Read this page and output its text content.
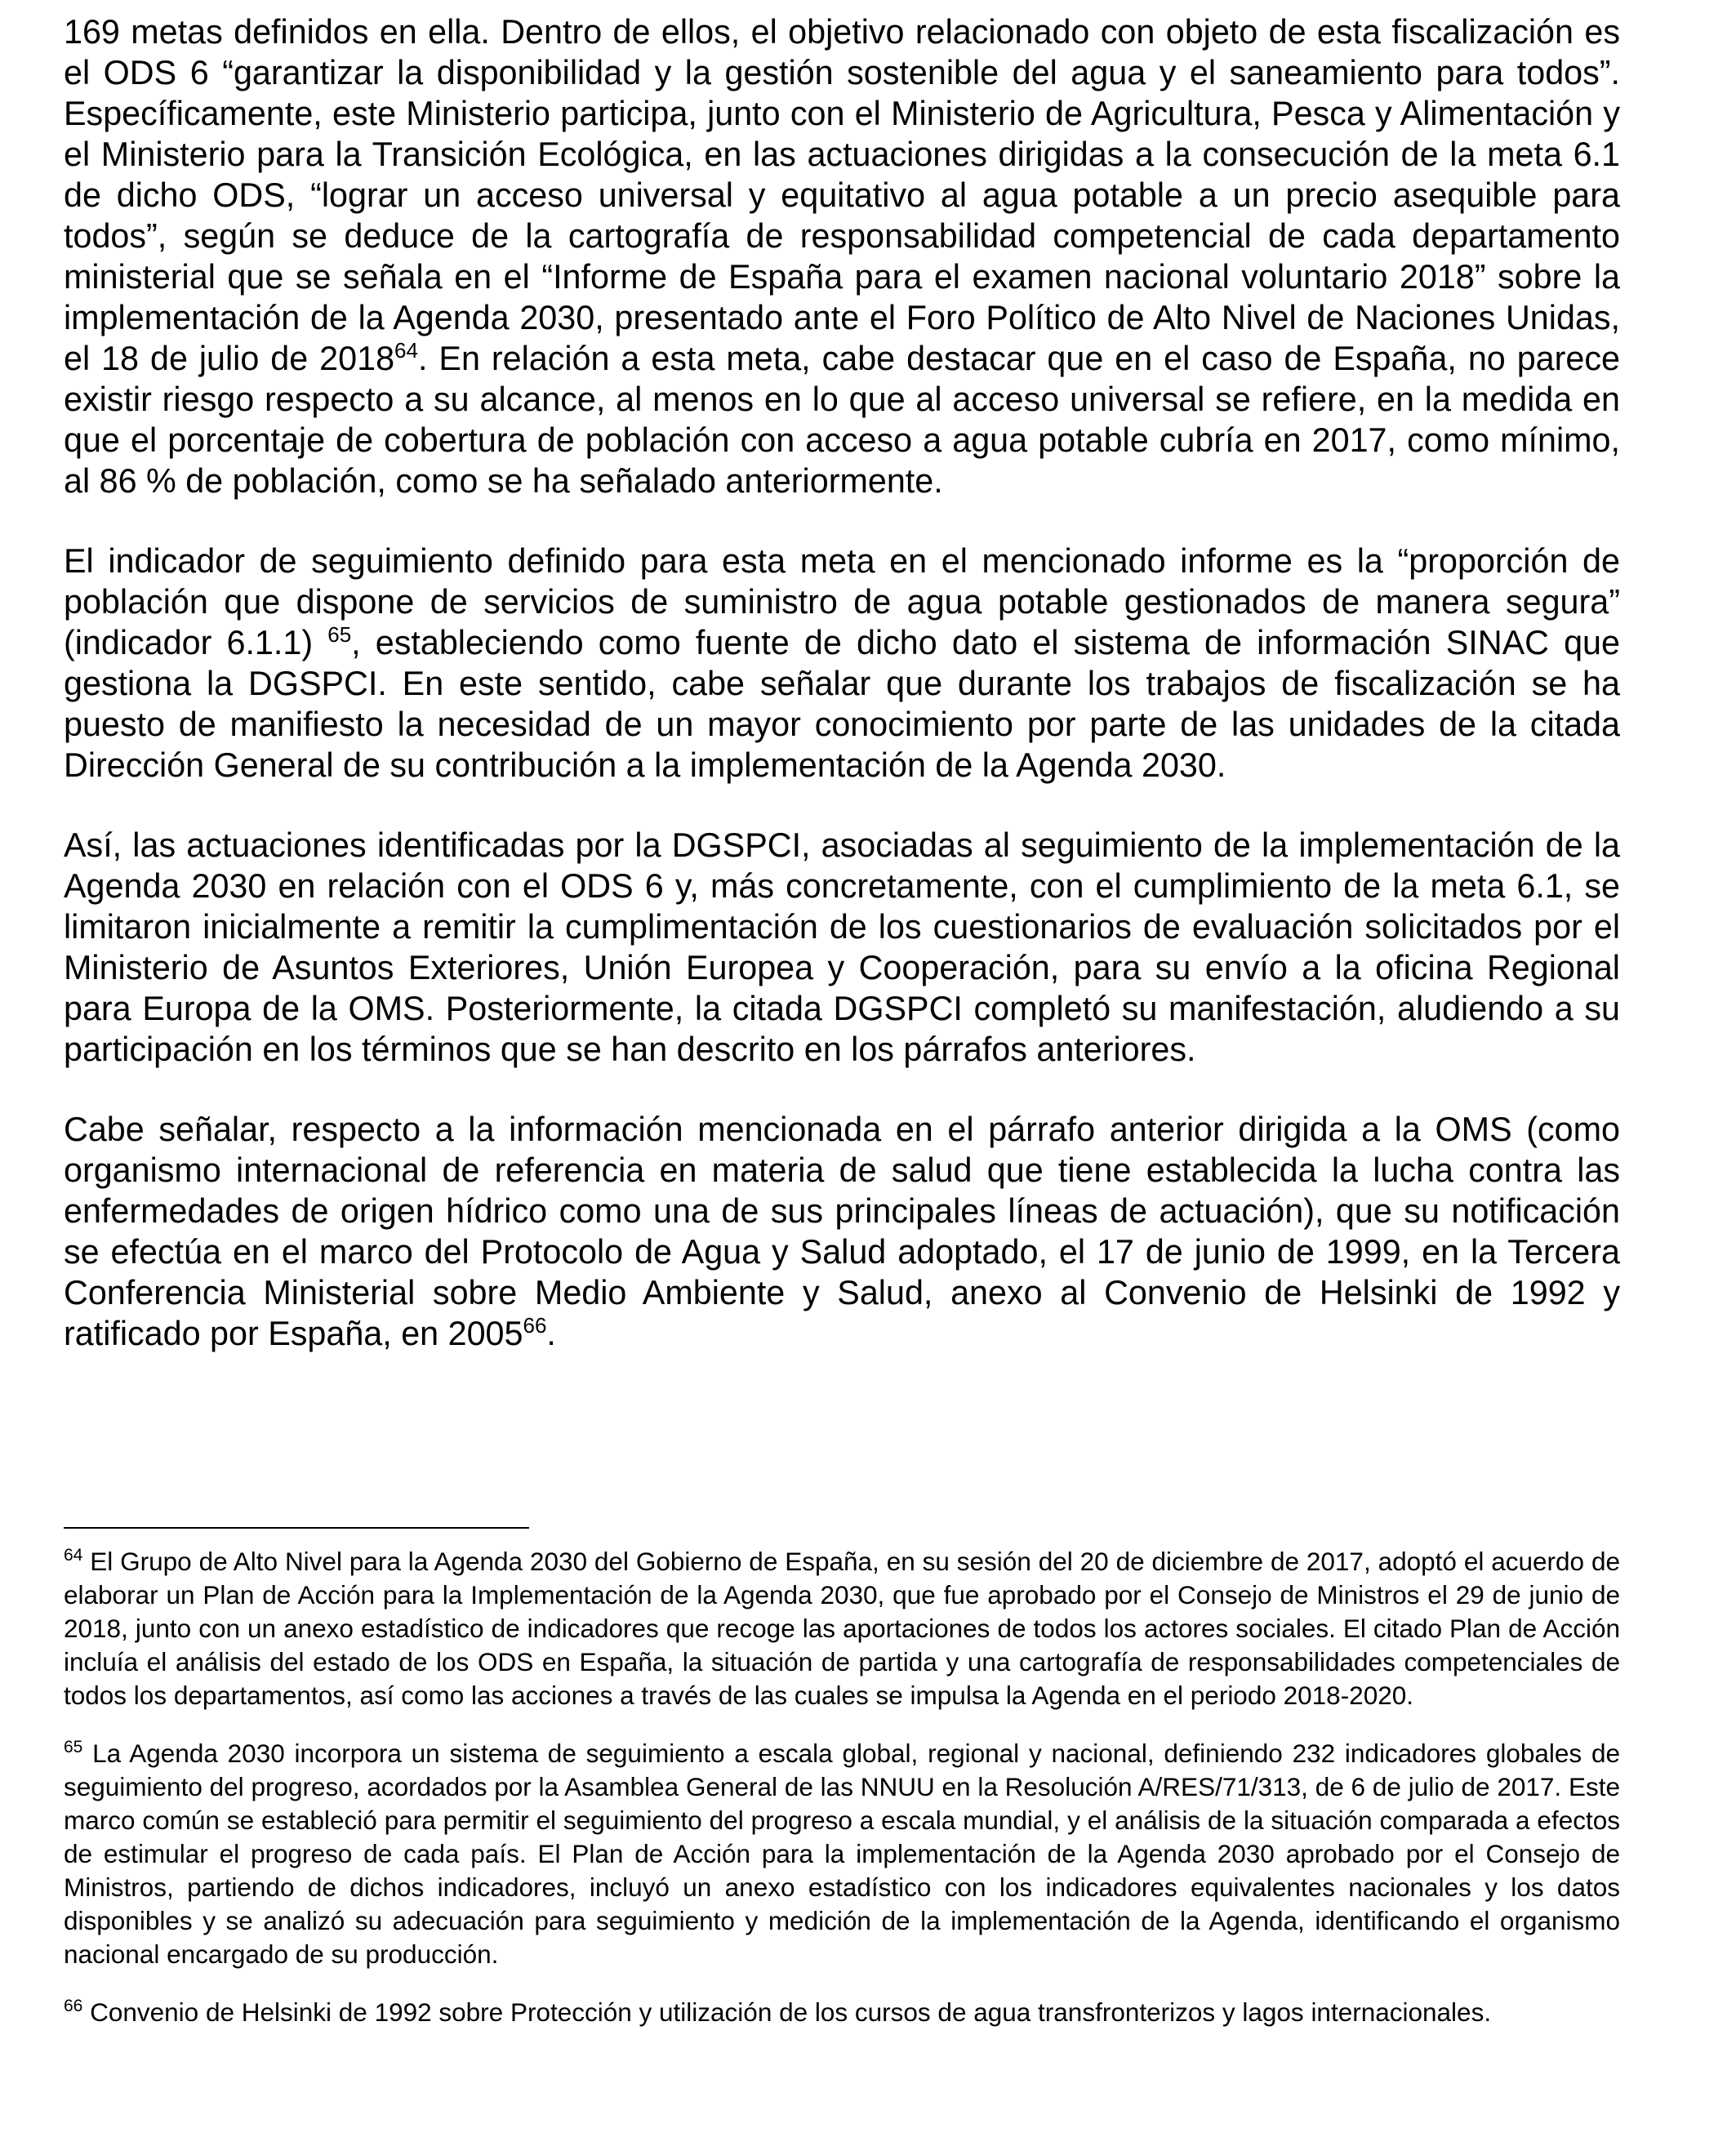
169 metas definidos en ella. Dentro de ellos, el objetivo relacionado con objeto de esta fiscalización es el ODS 6 “garantizar la disponibilidad y la gestión sostenible del agua y el saneamiento para todos”. Específicamente, este Ministerio participa, junto con el Ministerio de Agricultura, Pesca y Alimentación y el Ministerio para la Transición Ecológica, en las actuaciones dirigidas a la consecución de la meta 6.1 de dicho ODS, “lograr un acceso universal y equitativo al agua potable a un precio asequible para todos”, según se deduce de la cartografía de responsabilidad competencial de cada departamento ministerial que se señala en el “Informe de España para el examen nacional voluntario 2018” sobre la implementación de la Agenda 2030, presentado ante el Foro Político de Alto Nivel de Naciones Unidas, el 18 de julio de 2018$^{64}$. En relación a esta meta, cabe destacar que en el caso de España, no parece existir riesgo respecto a su alcance, al menos en lo que al acceso universal se refiere, en la medida en que el porcentaje de cobertura de población con acceso a agua potable cubría en 2017, como mínimo, al 86 % de población, como se ha señalado anteriormente.

El indicador de seguimiento definido para esta meta en el mencionado informe es la “proporción de población que dispone de servicios de suministro de agua potable gestionados de manera segura” (indicador 6.1.1) $^{65}$, estableciendo como fuente de dicho dato el sistema de información SINAC que gestiona la DGSPCI. En este sentido, cabe señalar que durante los trabajos de fiscalización se ha puesto de manifiesto la necesidad de un mayor conocimiento por parte de las unidades de la citada Dirección General de su contribución a la implementación de la Agenda 2030.

Así, las actuaciones identificadas por la DGSPCI, asociadas al seguimiento de la implementación de la Agenda 2030 en relación con el ODS 6 y, más concretamente, con el cumplimiento de la meta 6.1, se limitaron inicialmente a remitir la cumplimentación de los cuestionarios de evaluación solicitados por el Ministerio de Asuntos Exteriores, Unión Europea y Cooperación, para su envío a la oficina Regional para Europa de la OMS. Posteriormente, la citada DGSPCI completó su manifestación, aludiendo a su participación en los términos que se han descrito en los párrafos anteriores.

Cabe señalar, respecto a la información mencionada en el párrafo anterior dirigida a la OMS (como organismo internacional de referencia en materia de salud que tiene establecida la lucha contra las enfermedades de origen hídrico como una de sus principales líneas de actuación), que su notificación se efectúa en el marco del Protocolo de Agua y Salud adoptado, el 17 de junio de 1999, en la Tercera Conferencia Ministerial sobre Medio Ambiente y Salud, anexo al Convenio de Helsinki de 1992 y ratificado por España, en 2005$^{66}$.

$^{64}$ El Grupo de Alto Nivel para la Agenda 2030 del Gobierno de España, en su sesión del 20 de diciembre de 2017, adoptó el acuerdo de elaborar un Plan de Acción para la Implementación de la Agenda 2030, que fue aprobado por el Consejo de Ministros el 29 de junio de 2018, junto con un anexo estadístico de indicadores que recoge las aportaciones de todos los actores sociales. El citado Plan de Acción incluía el análisis del estado de los ODS en España, la situación de partida y una cartografía de responsabilidades competenciales de todos los departamentos, así como las acciones a través de las cuales se impulsa la Agenda en el periodo 2018-2020.

$^{65}$ La Agenda 2030 incorpora un sistema de seguimiento a escala global, regional y nacional, definiendo 232 indicadores globales de seguimiento del progreso, acordados por la Asamblea General de las NNUU en la Resolución A/RES/71/313, de 6 de julio de 2017. Este marco común se estableció para permitir el seguimiento del progreso a escala mundial, y el análisis de la situación comparada a efectos de estimular el progreso de cada país. El Plan de Acción para la implementación de la Agenda 2030 aprobado por el Consejo de Ministros, partiendo de dichos indicadores, incluyó un anexo estadístico con los indicadores equivalentes nacionales y los datos disponibles y se analizó su adecuación para seguimiento y medición de la implementación de la Agenda, identificando el organismo nacional encargado de su producción.

$^{66}$ Convenio de Helsinki de 1992 sobre Protección y utilización de los cursos de agua transfronterizos y lagos internacionales.
